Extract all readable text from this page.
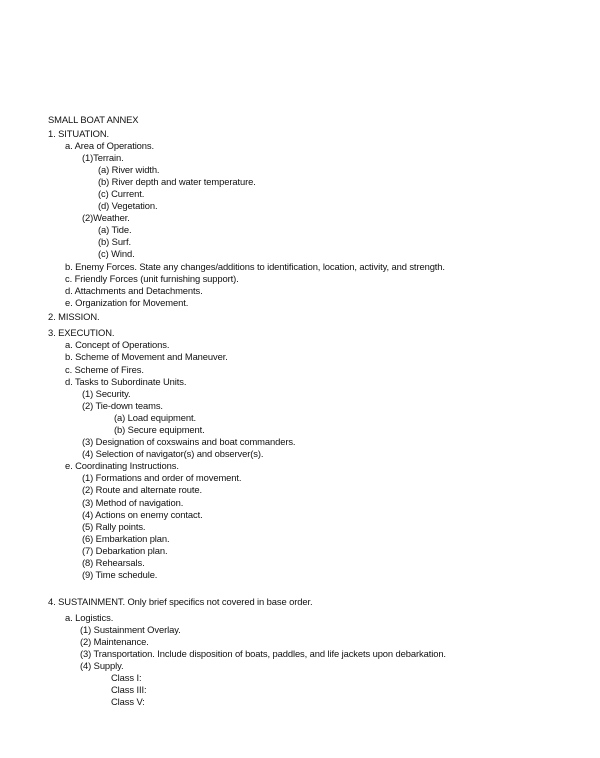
SMALL BOAT ANNEX
1. SITUATION.
a. Area of Operations.
(1)Terrain.
(a) River width.
(b) River depth and water temperature.
(c) Current.
(d) Vegetation.
(2)Weather.
(a) Tide.
(b) Surf.
(c) Wind.
b. Enemy Forces. State any changes/additions to identification, location, activity, and strength.
c. Friendly Forces (unit furnishing support).
d. Attachments and Detachments.
e. Organization for Movement.
2. MISSION.
3. EXECUTION.
a. Concept of Operations.
b. Scheme of Movement and Maneuver.
c. Scheme of Fires.
d. Tasks to Subordinate Units.
(1) Security.
(2) Tie-down teams.
(a) Load equipment.
(b) Secure equipment.
(3) Designation of coxswains and boat commanders.
(4) Selection of navigator(s) and observer(s).
e. Coordinating Instructions.
(1) Formations and order of movement.
(2) Route and alternate route.
(3) Method of navigation.
(4) Actions on enemy contact.
(5) Rally points.
(6) Embarkation plan.
(7) Debarkation plan.
(8) Rehearsals.
(9) Time schedule.
4. SUSTAINMENT. Only brief specifics not covered in base order.
a. Logistics.
(1) Sustainment Overlay.
(2) Maintenance.
(3) Transportation. Include disposition of boats, paddles, and life jackets upon debarkation.
(4) Supply.
Class I:
Class III:
Class V:
